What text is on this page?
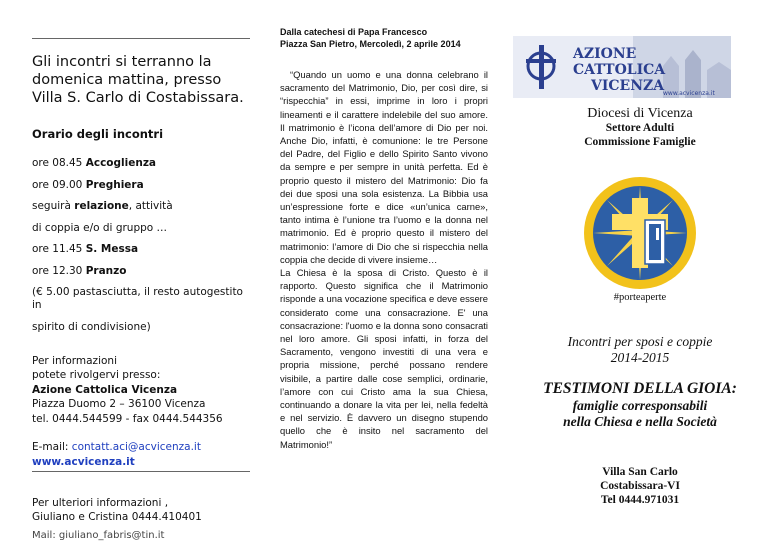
Gli incontri si terranno la domenica mattina, presso Villa S. Carlo di Costabissara.

Orario degli incontri

ore 08.45 Accoglienza

ore 09.00 Preghiera

seguirà relazione, attività

di coppia e/o di gruppo …

ore 11.45 S. Messa

ore 12.30 Pranzo

(€ 5.00 pastasciutta, il resto autogestito in

spirito di condivisione)

Per informazioni
potete rivolgervi presso:
Azione Cattolica Vicenza
Piazza Duomo 2 – 36100 Vicenza
tel. 0444.544599 - fax 0444.544356
E-mail: contatt.aci@acvicenza.it
www.acvicenza.it
Per ulteriori informazioni ,
Giuliano e Cristina 0444.410401
Mail: giuliano_fabris@tin.it
Dalla catechesi di Papa Francesco
Piazza San Pietro, Mercoledì, 2 aprile 2014

“Quando un uomo e una donna celebrano il sacramento del Matrimonio, Dio, per così dire, si “rispecchia” in essi, imprime in loro i propri lineamenti e il carattere indelebile del suo amore. Il matrimonio è l’icona dell’amore di Dio per noi. Anche Dio, infatti, è comunione: le tre Persone del Padre, del Figlio e dello Spirito Santo vivono da sempre e per sempre in unità perfetta. Ed è proprio questo il mistero del Matrimonio: Dio fa dei due sposi una sola esistenza. La Bibbia usa un’espressione forte e dice «un’unica carne», tanto intima è l’unione tra l’uomo e la donna nel matrimonio. Ed è proprio questo il mistero del matrimonio: l’amore di Dio che si rispecchia nella coppia che decide di vivere insieme…

La Chiesa è la sposa di Cristo. Questo è il rapporto. Questo significa che il Matrimonio risponde a una vocazione specifica e deve essere considerato come una consacrazione. E' una consacrazione: l'uomo e la donna sono consacrati nel loro amore. Gli sposi infatti, in forza del Sacramento, vengono investiti di una vera e propria missione, perché possano rendere visibile, a partire dalle cose semplici, ordinarie, l’amore con cui Cristo ama la sua Chiesa, continuando a donare la vita per lei, nella fedeltà e nel servizio. È davvero un disegno stupendo quello che è insito nel sacramento del Matrimonio!”

AZIONE
CATTOLICA
VICENZA
www.acvicenza.it
Diocesi di Vicenza
Settore Adulti
Commissione Famiglie
#porteaperte
Incontri per sposi e coppie
2014-2015
TESTIMONI DELLA GIOIA:
famiglie corresponsabili
nella Chiesa e nella Società
Villa San Carlo
Costabissara-VI
Tel 0444.971031
